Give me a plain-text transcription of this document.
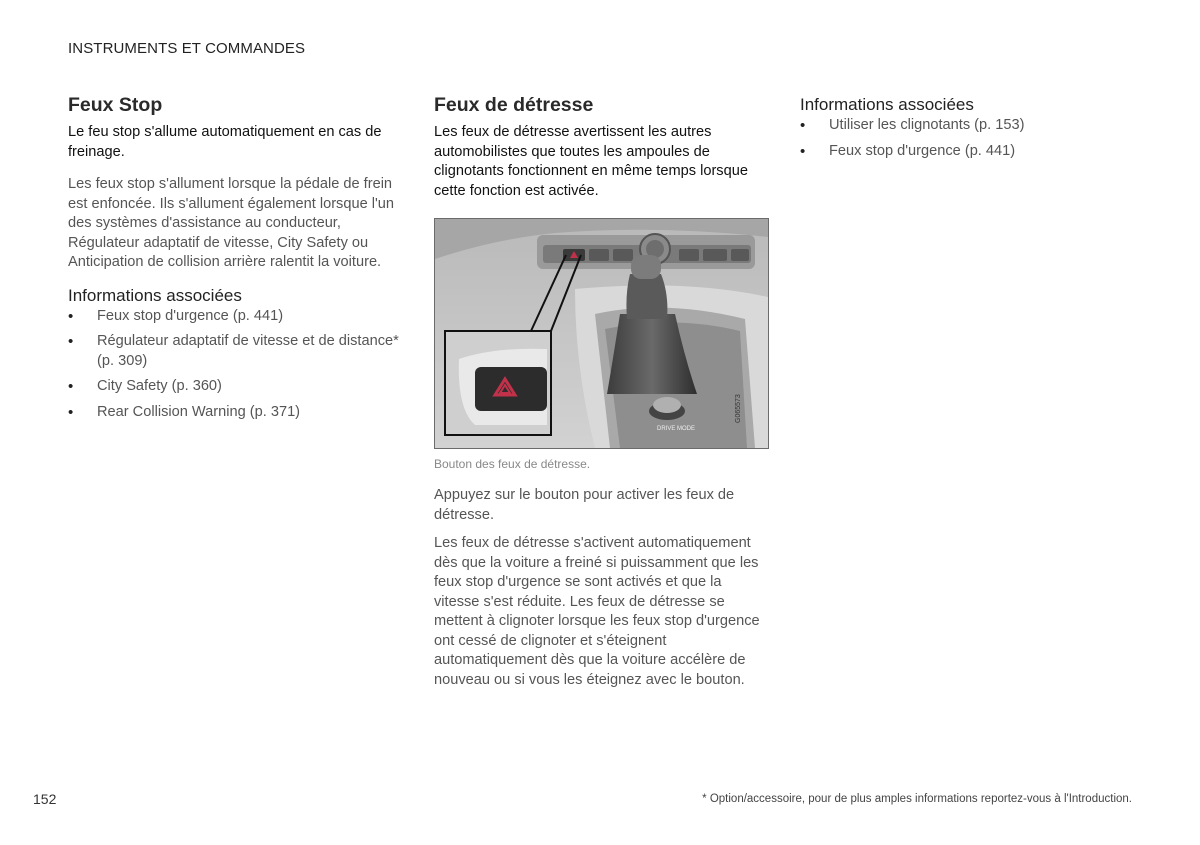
INSTRUMENTS ET COMMANDES
Feux Stop

Le feu stop s'allume automatiquement en cas de freinage.

Les feux stop s'allument lorsque la pédale de frein est enfoncée. Ils s'allument également lorsque l'un des systèmes d'assistance au conducteur, Régulateur adaptatif de vitesse, City Safety ou Anticipation de collision arrière ralentit la voiture.

Informations associées
• Feux stop d'urgence (p. 441)
• Régulateur adaptatif de vitesse et de distance* (p. 309)
• City Safety (p. 360)
• Rear Collision Warning (p. 371)
Feux de détresse

Les feux de détresse avertissent les autres automobilistes que toutes les ampoules de clignotants fonctionnent en même temps lorsque cette fonction est activée.

DRIVE MODE
G065573
Bouton des feux de détresse.

Appuyez sur le bouton pour activer les feux de détresse.

Les feux de détresse s'activent automatiquement dès que la voiture a freiné si puissamment que les feux stop d'urgence se sont activés et que la vitesse s'est réduite. Les feux de détresse se mettent à clignoter lorsque les feux stop d'urgence ont cessé de clignoter et s'éteignent automatiquement dès que la voiture accélère de nouveau ou si vous les éteignez avec le bouton.

Informations associées
• Utiliser les clignotants (p. 153)
• Feux stop d'urgence (p. 441)
152	* Option/accessoire, pour de plus amples informations reportez-vous à l'Introduction.
